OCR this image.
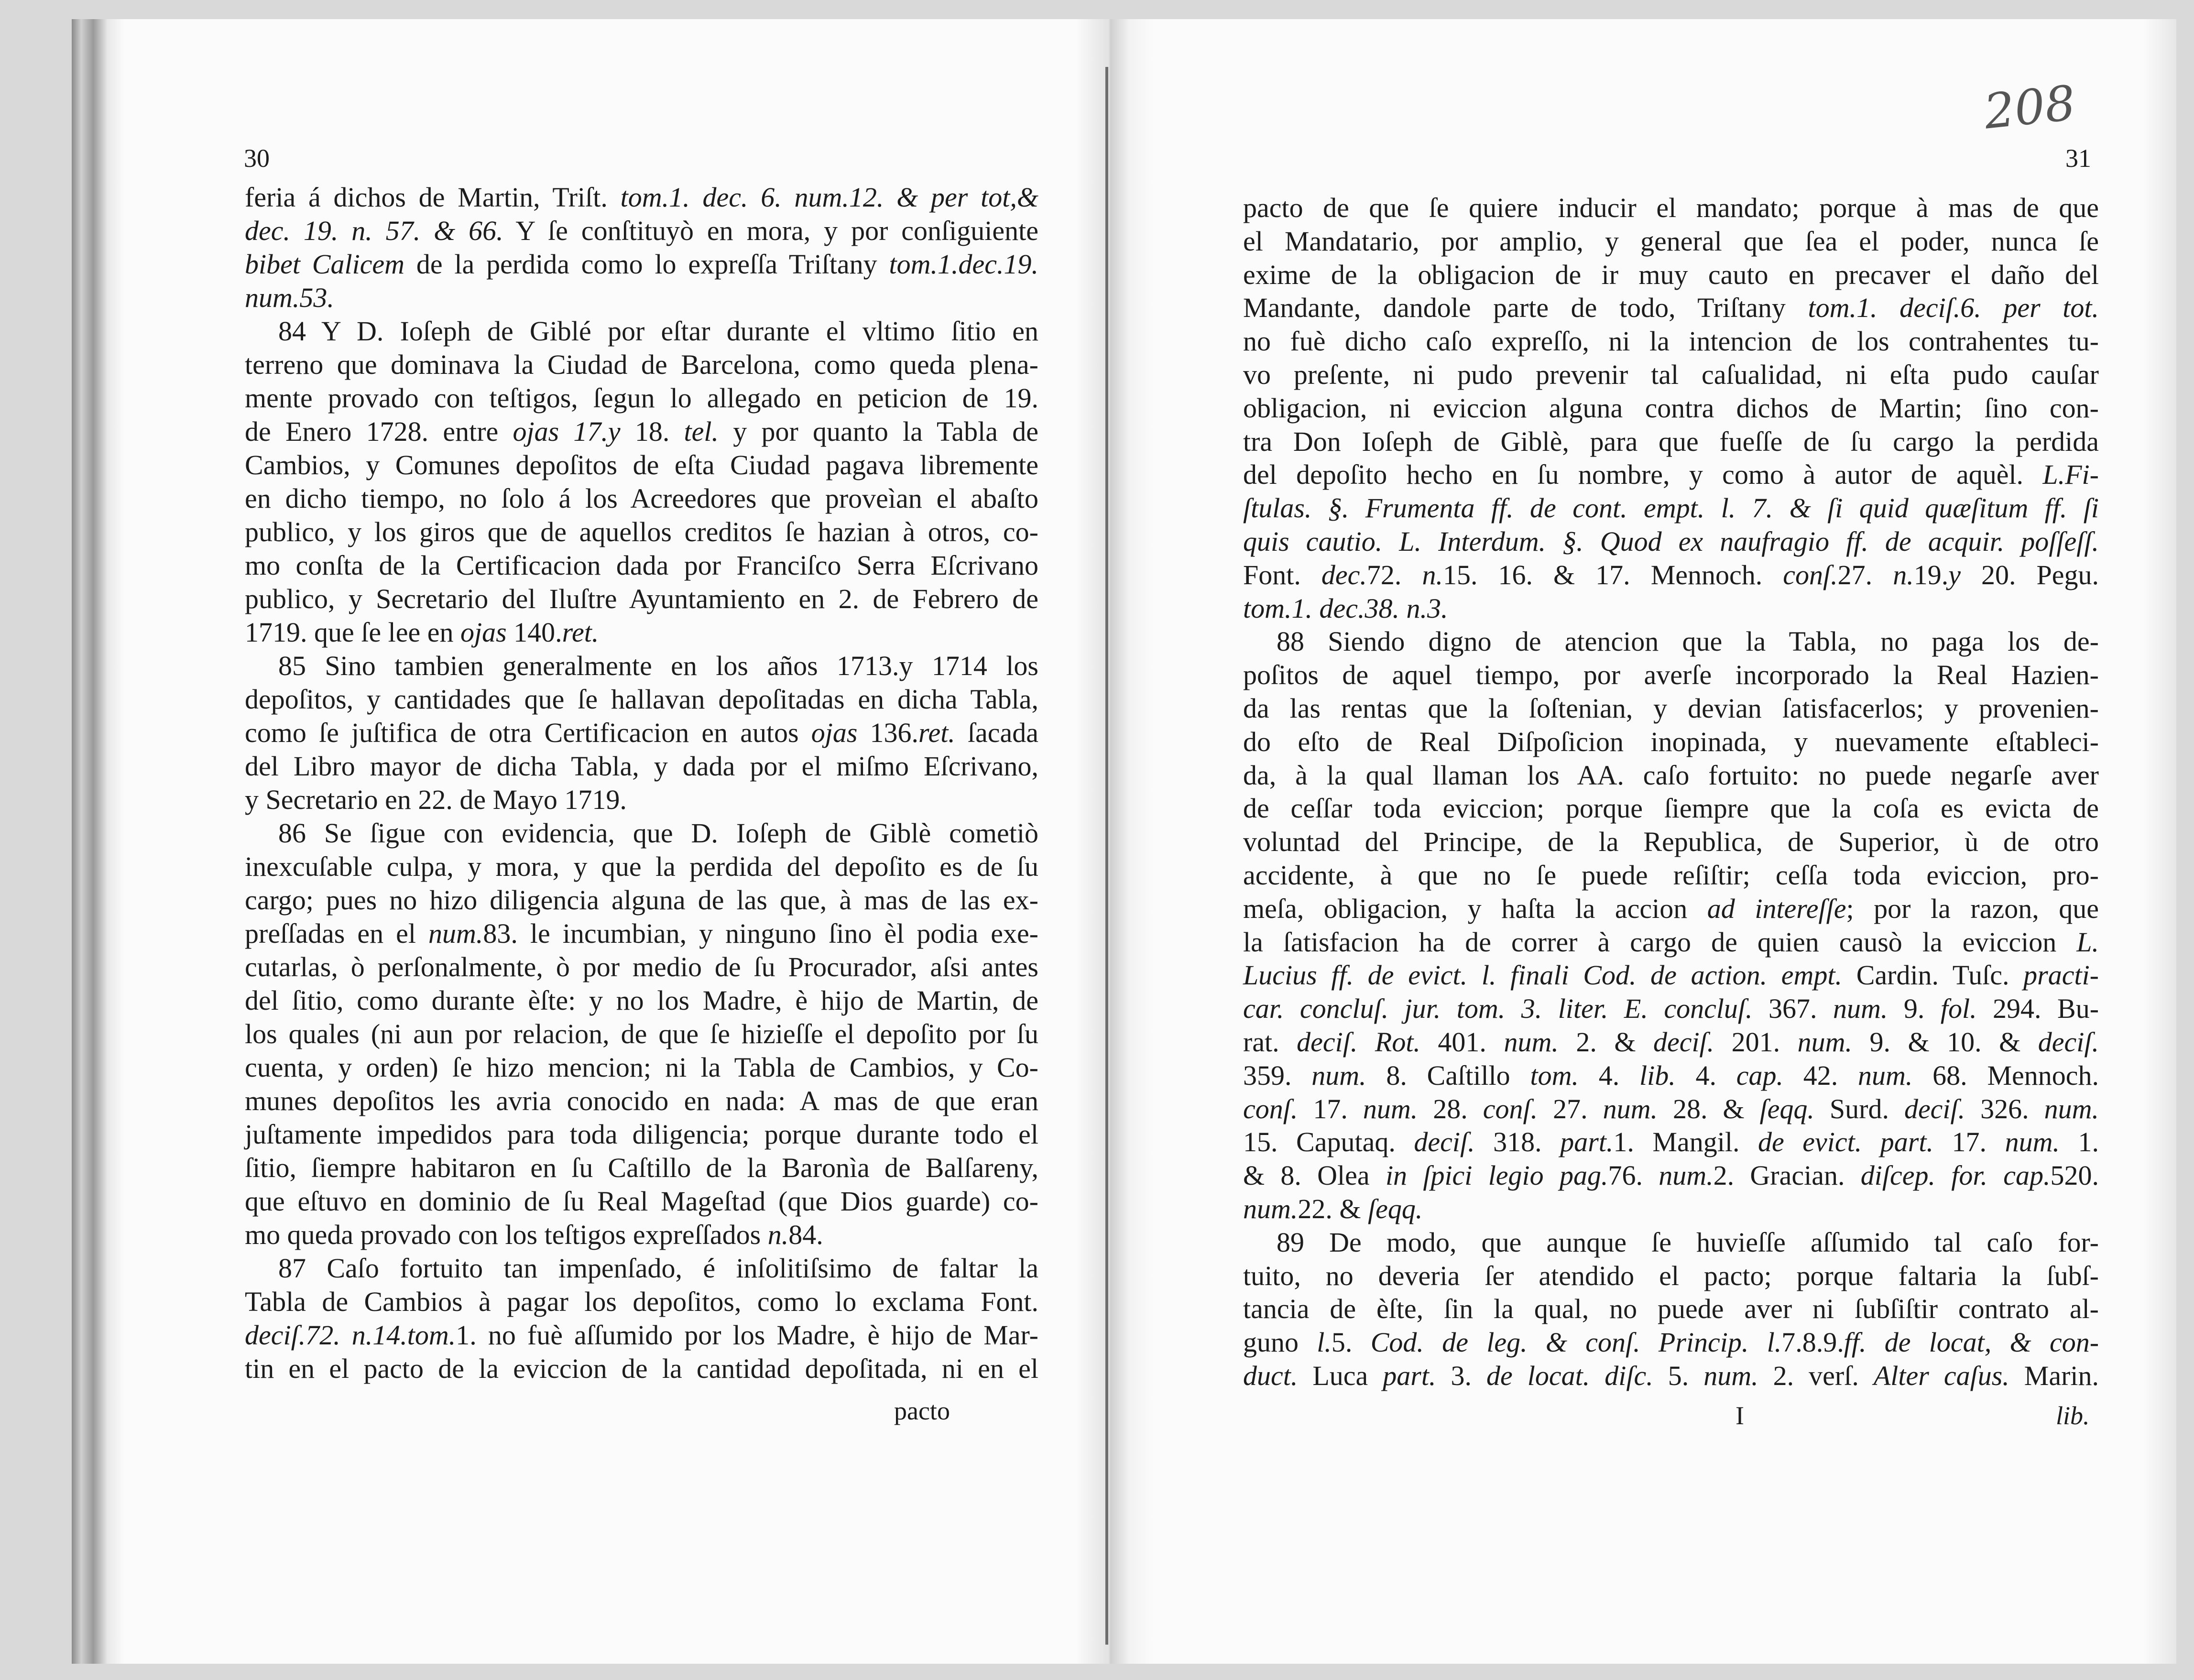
30	31
208
pacto	I	lib.
feria á dichos de Martin, Triſt. tom.1. dec. 6. num.12. & per tot,&
dec. 19. n. 57. & 66. Y ſe conſtituyò en mora, y por conſiguiente
bibet Calicem de la perdida como lo expreſſa Triſtany tom.1.dec.19.
num.53.
84 Y D. Ioſeph de Giblé por eſtar durante el vltimo ſitio en
terreno que dominava la Ciudad de Barcelona, como queda plena-
mente provado con teſtigos, ſegun lo allegado en peticion de 19.
de Enero 1728. entre ojas 17.y 18. tel. y por quanto la Tabla de
Cambios, y Comunes depoſitos de eſta Ciudad pagava libremente
en dicho tiempo, no ſolo á los Acreedores que proveìan el abaſto
publico, y los giros que de aquellos creditos ſe hazian à otros, co-
mo conſta de la Certificacion dada por Franciſco Serra Eſcrivano
publico, y Secretario del Iluſtre Ayuntamiento en 2. de Febrero de
1719. que ſe lee en ojas 140.ret.
85 Sino tambien generalmente en los años 1713.y 1714 los
depoſitos, y cantidades que ſe hallavan depoſitadas en dicha Tabla,
como ſe juſtifica de otra Certificacion en autos ojas 136.ret. ſacada
del Libro mayor de dicha Tabla, y dada por el miſmo Eſcrivano,
y Secretario en 22. de Mayo 1719.
86 Se ſigue con evidencia, que D. Ioſeph de Giblè cometiò
inexcuſable culpa, y mora, y que la perdida del depoſito es de ſu
cargo; pues no hizo diligencia alguna de las que, à mas de las ex-
preſſadas en el num.83. le incumbian, y ninguno ſino èl podia exe-
cutarlas, ò perſonalmente, ò por medio de ſu Procurador, aſsi antes
del ſitio, como durante èſte: y no los Madre, è hijo de Martin, de
los quales (ni aun por relacion, de que ſe hizieſſe el depoſito por ſu
cuenta, y orden) ſe hizo mencion; ni la Tabla de Cambios, y Co-
munes depoſitos les avria conocido en nada: A mas de que eran
juſtamente impedidos para toda diligencia; porque durante todo el
ſitio, ſiempre habitaron en ſu Caſtillo de la Baronìa de Balſareny,
que eſtuvo en dominio de ſu Real Mageſtad (que Dios guarde) co-
mo queda provado con los teſtigos expreſſados n.84.
87 Caſo fortuito tan impenſado, é inſolitiſsimo de faltar la
Tabla de Cambios à pagar los depoſitos, como lo exclama Font.
deciſ.72. n.14.tom.1. no fuè aſſumido por los Madre, è hijo de Mar-
tin en el pacto de la eviccion de la cantidad depoſitada, ni en el
pacto de que ſe quiere inducir el mandato; porque à mas de que
el Mandatario, por amplio, y general que ſea el poder, nunca ſe
exime de la obligacion de ir muy cauto en precaver el daño del
Mandante, dandole parte de todo, Triſtany tom.1. deciſ.6. per tot.
no fuè dicho caſo expreſſo, ni la intencion de los contrahentes tu-
vo preſente, ni pudo prevenir tal caſualidad, ni eſta pudo cauſar
obligacion, ni eviccion alguna contra dichos de Martin; ſino con-
tra Don Ioſeph de Giblè, para que fueſſe de ſu cargo la perdida
del depoſito hecho en ſu nombre, y como à autor de aquèl. L.Fi-
ſtulas. §. Frumenta ff. de cont. empt. l. 7. & ſi quid quæſitum ff. ſi
quis cautio. L. Interdum. §. Quod ex naufragio ff. de acquir. poſſeſſ.
Font. dec.72. n.15. 16. & 17. Mennoch. conſ.27. n.19.y 20. Pegu.
tom.1. dec.38. n.3.
88 Siendo digno de atencion que la Tabla, no paga los de-
poſitos de aquel tiempo, por averſe incorporado la Real Hazien-
da las rentas que la ſoſtenian, y devian ſatisfacerlos; y provenien-
do eſto de Real Diſpoſicion inopinada, y nuevamente eſtableci-
da, à la qual llaman los AA. caſo fortuito: no puede negarſe aver
de ceſſar toda eviccion; porque ſiempre que la coſa es evicta de
voluntad del Principe, de la Republica, de Superior, ù de otro
accidente, à que no ſe puede reſiſtir; ceſſa toda eviccion, pro-
meſa, obligacion, y haſta la accion ad intereſſe; por la razon, que
la ſatisfacion ha de correr à cargo de quien causò la eviccion L.
Lucius ff. de evict. l. finali Cod. de action. empt. Cardin. Tuſc. practi-
car. concluſ. jur. tom. 3. liter. E. concluſ. 367. num. 9. fol. 294. Bu-
rat. deciſ. Rot. 401. num. 2. & deciſ. 201. num. 9. & 10. & deciſ.
359. num. 8. Caſtillo tom. 4. lib. 4. cap. 42. num. 68. Mennoch.
conſ. 17. num. 28. conſ. 27. num. 28. & ſeqq. Surd. deciſ. 326. num.
15. Caputaq. deciſ. 318. part.1. Mangil. de evict. part. 17. num. 1.
& 8. Olea in ſpici legio pag.76. num.2. Gracian. diſcep. for. cap.520.
num.22. & ſeqq.
89 De modo, que aunque ſe huvieſſe aſſumido tal caſo for-
tuito, no deveria ſer atendido el pacto; porque faltaria la ſubſ-
tancia de èſte, ſin la qual, no puede aver ni ſubſiſtir contrato al-
guno l.5. Cod. de leg. & conſ. Princip. l.7.8.9.ff. de locat, & con-
duct. Luca part. 3. de locat. diſc. 5. num. 2. verſ. Alter caſus. Marin.
